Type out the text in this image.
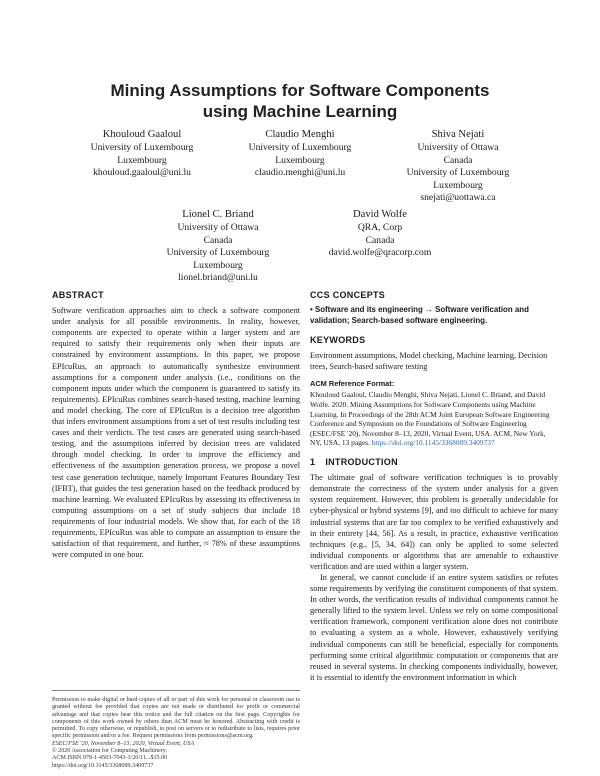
Mining Assumptions for Software Components
using Machine Learning
Khouloud Gaaloul
University of Luxembourg
Luxembourg
khouloud.gaaloul@uni.lu
Claudio Menghi
University of Luxembourg
Luxembourg
claudio.menghi@uni.lu
Shiva Nejati
University of Ottawa
Canada
University of Luxembourg
Luxembourg
snejati@uottawa.ca
Lionel C. Briand
University of Ottawa
Canada
University of Luxembourg
Luxembourg
lionel.briand@uni.lu
David Wolfe
QRA, Corp
Canada
david.wolfe@qracorp.com
ABSTRACT
Software verification approaches aim to check a software component under analysis for all possible environments. In reality, however, components are expected to operate within a larger system and are required to satisfy their requirements only when their inputs are constrained by environment assumptions. In this paper, we propose EPIcuRus, an approach to automatically synthesize environment assumptions for a component under analysis (i.e., conditions on the component inputs under which the component is guaranteed to satisfy its requirements). EPIcuRus combines search-based testing, machine learning and model checking. The core of EPIcuRus is a decision tree algorithm that infers environment assumptions from a set of test results including test cases and their verdicts. The test cases are generated using search-based testing, and the assumptions inferred by decision trees are validated through model checking. In order to improve the efficiency and effectiveness of the assumption generation process, we propose a novel test case generation technique, namely Important Features Boundary Test (IFBT), that guides the test generation based on the feedback produced by machine learning. We evaluated EPIcuRus by assessing its effectiveness in computing assumptions on a set of study subjects that include 18 requirements of four industrial models. We show that, for each of the 18 requirements, EPIcuRus was able to compute an assumption to ensure the satisfaction of that requirement, and further, ≈ 78% of these assumptions were computed in one hour.
CCS CONCEPTS
• Software and its engineering → Software verification and validation; Search-based software engineering.
KEYWORDS
Environment assumptions, Model checking, Machine learning, Decision trees, Search-based software testing
ACM Reference Format:
Khouloud Gaaloul, Claudio Menghi, Shiva Nejati, Lionel C. Briand, and David Wolfe. 2020. Mining Assumptions for Software Components using Machine Learning. In Proceedings of the 28th ACM Joint European Software Engineering Conference and Symposium on the Foundations of Software Engineering (ESEC/FSE '20), November 8–13, 2020, Virtual Event, USA. ACM, New York, NY, USA, 13 pages. https://doi.org/10.1145/3368089.3409737
1 INTRODUCTION
The ultimate goal of software verification techniques is to provably demonstrate the correctness of the system under analysis for a given system requirement. However, this problem is generally undecidable for cyber-physical or hybrid systems [9], and too difficult to achieve for many industrial systems that are far too complex to be verified exhaustively and in their entirety [44, 56]. As a result, in practice, exhaustive verification techniques (e.g., [5, 34, 64]) can only be applied to some selected individual components or algorithms that are amenable to exhaustive verification and are used within a larger system.
In general, we cannot conclude if an entire system satisfies or refutes some requirements by verifying the constituent components of that system. In other words, the verification results of individual components cannot be generally lifted to the system level. Unless we rely on some compositional verification framework, component verification alone does not contribute to evaluating a system as a whole. However, exhaustively verifying individual components can still be beneficial, especially for components performing some critical algorithmic computation or components that are reused in several systems. In checking components individually, however, it is essential to identify the environment information in which
Permission to make digital or hard copies of all or part of this work for personal or classroom use is granted without fee provided that copies are not made or distributed for profit or commercial advantage and that copies bear this notice and the full citation on the first page. Copyrights for components of this work owned by others than ACM must be honored. Abstracting with credit is permitted. To copy otherwise, or republish, to post on servers or to redistribute to lists, requires prior specific permission and/or a fee. Request permissions from permissions@acm.org.
ESEC/FSE '20, November 8–13, 2020, Virtual Event, USA
© 2020 Association for Computing Machinery.
ACM ISBN 978-1-4503-7043-1/20/11...$15.00
https://doi.org/10.1145/3368089.3409737
